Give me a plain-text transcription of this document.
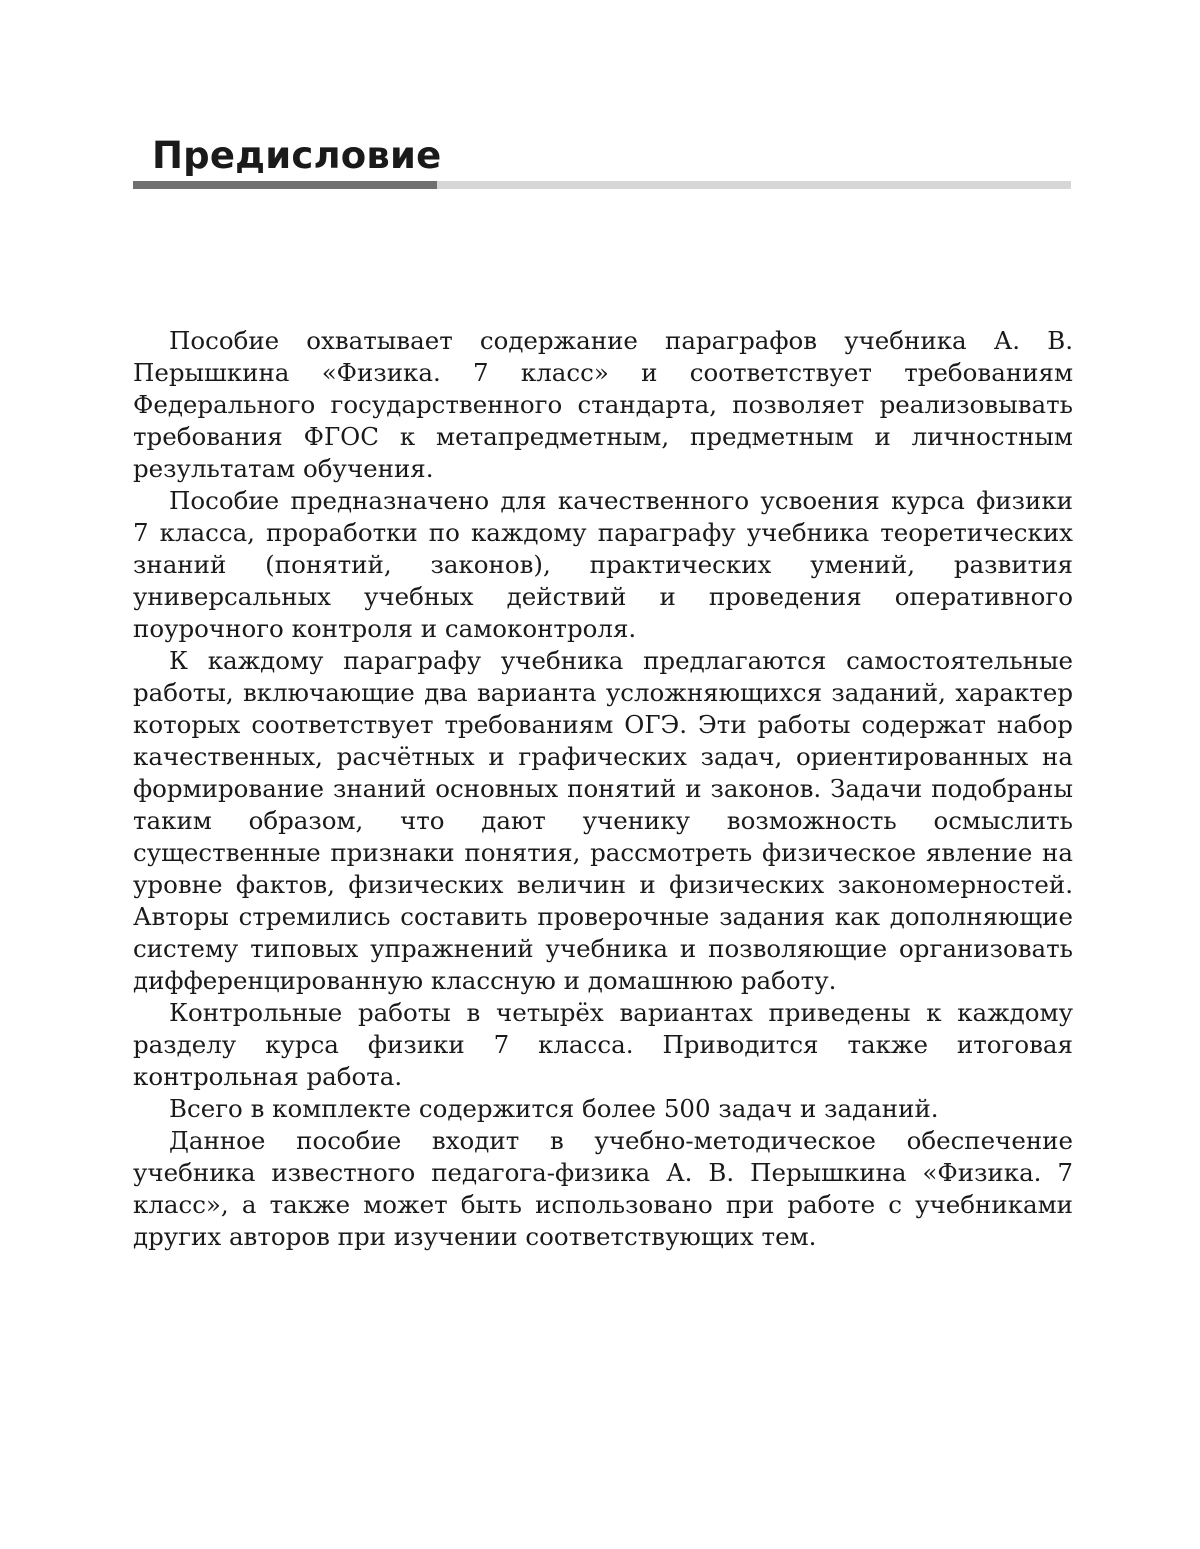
Предисловие

Пособие охватывает содержание параграфов учебника А. В. Перышкина «Физика. 7 класс» и соответствует требованиям Федерального государственного стандарта, позволяет реализовывать требования ФГОС к метапредметным, предметным и личностным результатам обучения.

Пособие предназначено для качественного усвоения курса физики 7 класса, проработки по каждому параграфу учебника теоретических знаний (понятий, законов), практических умений, развития универсальных учебных действий и проведения оперативного поурочного контроля и самоконтроля.

К каждому параграфу учебника предлагаются самостоятельные работы, включающие два варианта усложняющихся заданий, характер которых соответствует требованиям ОГЭ. Эти работы содержат набор качественных, расчётных и графических задач, ориентированных на формирование знаний основных понятий и законов. Задачи подобраны таким образом, что дают ученику возможность осмыслить существенные признаки понятия, рассмотреть физическое явление на уровне фактов, физических величин и физических закономерностей. Авторы стремились составить проверочные задания как дополняющие систему типовых упражнений учебника и позволяющие организовать дифференцированную классную и домашнюю работу.

Контрольные работы в четырёх вариантах приведены к каждому разделу курса физики 7 класса. Приводится также итоговая контрольная работа.

Всего в комплекте содержится более 500 задач и заданий.

Данное пособие входит в учебно-методическое обеспечение учебника известного педагога-физика А. В. Перышкина «Физика. 7 класс», а также может быть использовано при работе с учебниками других авторов при изучении соответствующих тем.
